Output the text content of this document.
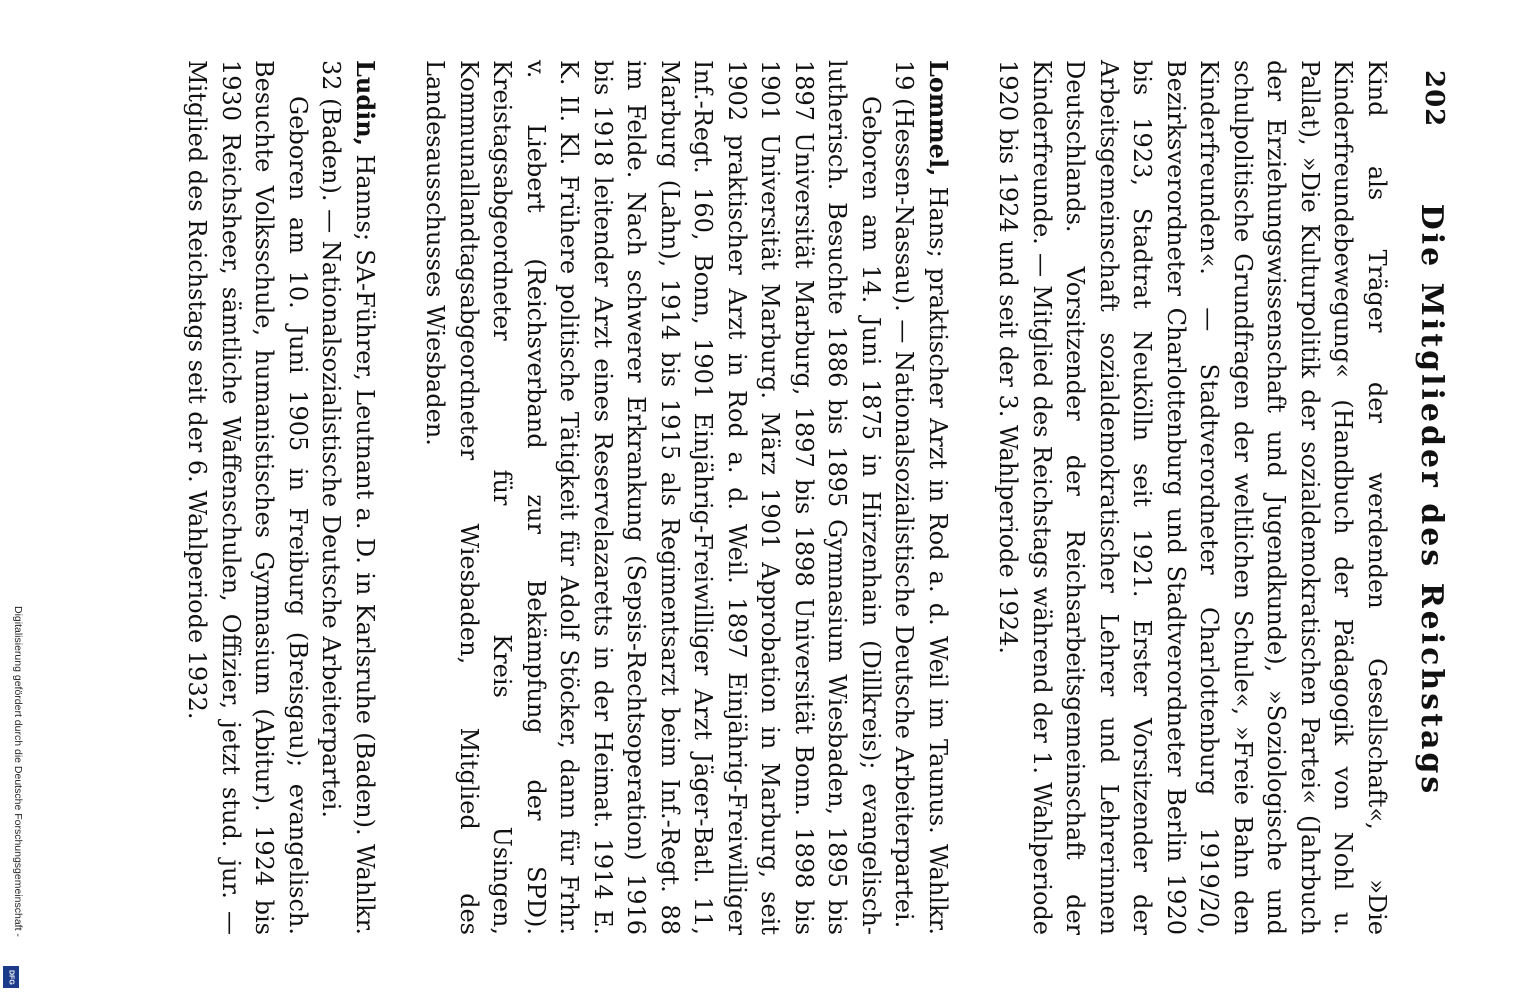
202
Die Mitglieder des Reichstags

Kind als Träger der werdenden Gesellschaft«, »Die Kinderfreundebewegung« (Handbuch der Pädagogik von Nohl u. Pallat), »Die Kulturpolitik der sozialdemokratischen Partei« (Jahrbuch der Erziehungswissenschaft und Jugendkunde), »Soziologische und schulpolitische Grundfragen der weltlichen Schule«, »Freie Bahn den Kinderfreunden«. — Stadtverordneter Charlottenburg 1919/20, Bezirksverordneter Charlottenburg und Stadtverordneter Berlin 1920 bis 1923, Stadtrat Neukölln seit 1921. Erster Vorsitzender der Arbeitsgemeinschaft sozialdemokratischer Lehrer und Lehrerinnen Deutschlands. Vorsitzender der Reichsarbeitsgemeinschaft der Kinderfreunde. — Mitglied des Reichstags während der 1. Wahlperiode 1920 bis 1924 und seit der 3. Wahlperiode 1924.

Lommel, Hans; praktischer Arzt in Rod a. d. Weil im Taunus. Wahlkr. 19 (Hessen-Nassau). — Nationalsozialistische Deutsche Arbeiterpartei.

Geboren am 14. Juni 1875 in Hirzenhain (Dillkreis); evangelisch-lutherisch. Besuchte 1886 bis 1895 Gymnasium Wiesbaden, 1895 bis 1897 Universität Marburg, 1897 bis 1898 Universität Bonn. 1898 bis 1901 Universität Marburg. März 1901 Approbation in Marburg, seit 1902 praktischer Arzt in Rod a. d. Weil. 1897 Einjährig-Freiwilliger Inf.-Regt. 160, Bonn, 1901 Einjährig-Freiwilliger Arzt Jäger-Batl. 11, Marburg (Lahn), 1914 bis 1915 als Regimentsarzt beim Inf.-Regt. 88 im Felde. Nach schwerer Erkrankung (Sepsis-Rechtsoperation) 1916 bis 1918 leitender Arzt eines Reservelazaretts in der Heimat. 1914 E. K. II. Kl. Frühere politische Tätigkeit für Adolf Stöcker, dann für Frhr. v. Liebert (Reichsverband zur Bekämpfung der SPD). Kreistagsabgeordneter für Kreis Usingen, Kommunallandtagsabgeordneter Wiesbaden, Mitglied des Landesausschusses Wiesbaden.

Ludin, Hanns; SA-Führer, Leutnant a. D. in Karlsruhe (Baden). Wahlkr. 32 (Baden). — Nationalsozialistische Deutsche Arbeiterpartei.

Geboren am 10. Juni 1905 in Freiburg (Breisgau); evangelisch. Besuchte Volksschule, humanistisches Gymnasium (Abitur). 1924 bis 1930 Reichsheer, sämtliche Waffenschulen, Offizier, jetzt stud. jur. — Mitglied des Reichstags seit der 6. Wahlperiode 1932.

Digitalisierung gefördert durch die Deutsche Forschungsgemeinschaft -
DFG
